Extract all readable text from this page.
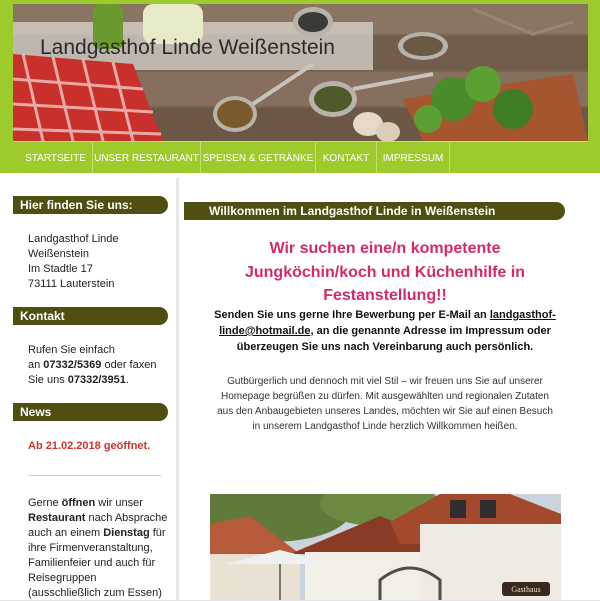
Landgasthof Linde Weißenstein
STARTSEITE UNSER RESTAURANT SPEISEN & GETRÄNKE KONTAKT	IMPRESSUM
Hier finden Sie uns:
Landgasthof Linde
Weißenstein
Im Stadtle 17
73111 Lauterstein
Kontakt
Rufen Sie einfach
an 07332/5369 oder faxen
Sie uns 07332/3951.
News
Ab 21.02.2018 geöffnet.
Gerne öffnen wir unser
Restaurant nach Absprache
auch an einem Dienstag für
ihre Firmenveranstaltung,
Familienfeier und auch für
Reisegruppen
(ausschließlich zum Essen)
Willkommen im Landgasthof Linde in Weißenstein
Wir suchen eine/n kompetente
Jungköchin/koch und Küchenhilfe in
Festanstellung!!
Senden Sie uns gerne Ihre Bewerbung per E-Mail an landgasthof-
linde@hotmail.de, an die genannte Adresse im Impressum oder
überzeugen Sie uns nach Vereinbarung auch persönlich.
Gutbürgerlich und dennoch mit viel Stil – wir freuen uns Sie auf unserer
Homepage begrüßen zu dürfen. Mit ausgewählten und regionalen Zutaten
aus den Anbaugebieten unseres Landes, möchten wir Sie auf einen Besuch
in unserem Landgasthof Linde herzlich Willkommen heißen.
Gasthaus
